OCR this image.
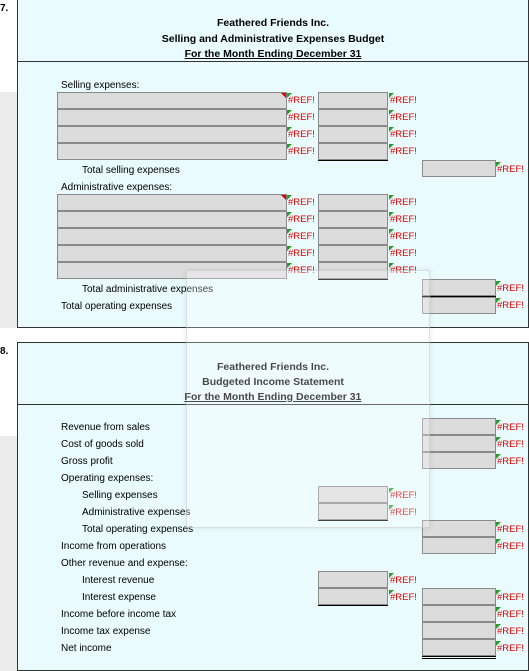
7.
Feathered Friends Inc.
Selling and Administrative Expenses Budget
For the Month Ending December 31
Selling expenses:
#REF!	#REF!
#REF!	#REF!
#REF!	#REF!
#REF!	#REF!
Total selling expenses	#REF!
Administrative expenses:
#REF!	#REF!
#REF!	#REF!
#REF!	#REF!
#REF!	#REF!
#REF!	#REF!
Total administrative expenses	#REF!
Total operating expenses	#REF!
8.
Feathered Friends Inc.
Budgeted Income Statement
For the Month Ending December 31
Revenue from sales	#REF!
Cost of goods sold	#REF!
Gross profit	#REF!
Operating expenses:
Selling expenses	#REF!
Administrative expenses	#REF!
Total operating expenses	#REF!
Income from operations	#REF!
Other revenue and expense:
Interest revenue	#REF!
Interest expense	#REF!	#REF!
Income before income tax	#REF!
Income tax expense	#REF!
Net income	#REF!
